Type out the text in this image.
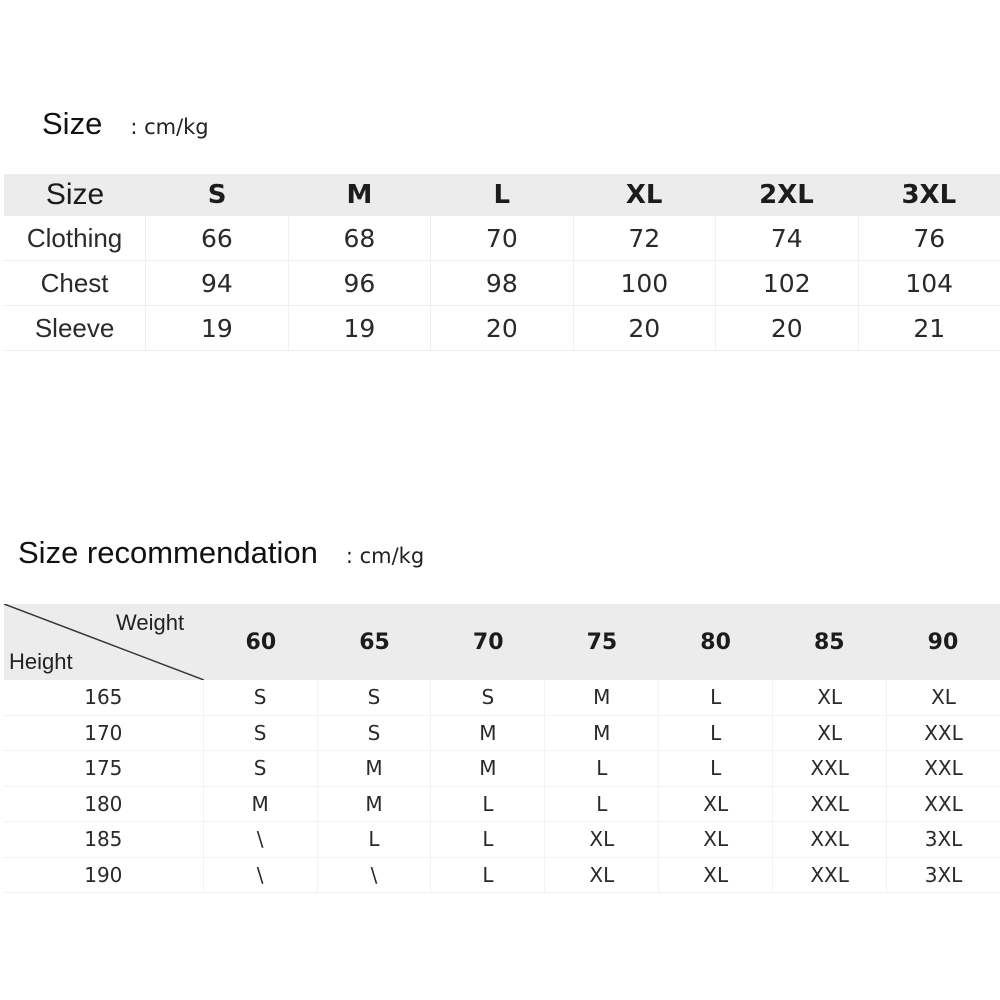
Size : cm/kg
Size	S	M	L	XL	2XL	3XL
Clothing	66	68	70	72	74	76
Chest	94	96	98	100	102	104
Sleeve	19	19	20	20	20	21
Size recommendation : cm/kg
Weight
Height
60	65	70	75	80	85	90
165	S	S	S	M	L	XL	XL
170	S	S	M	M	L	XL	XXL
175	S	M	M	L	L	XXL	XXL
180	M	M	L	L	XL	XXL	XXL
185	\	L	L	XL	XL	XXL	3XL
190	\	\	L	XL	XL	XXL	3XL
